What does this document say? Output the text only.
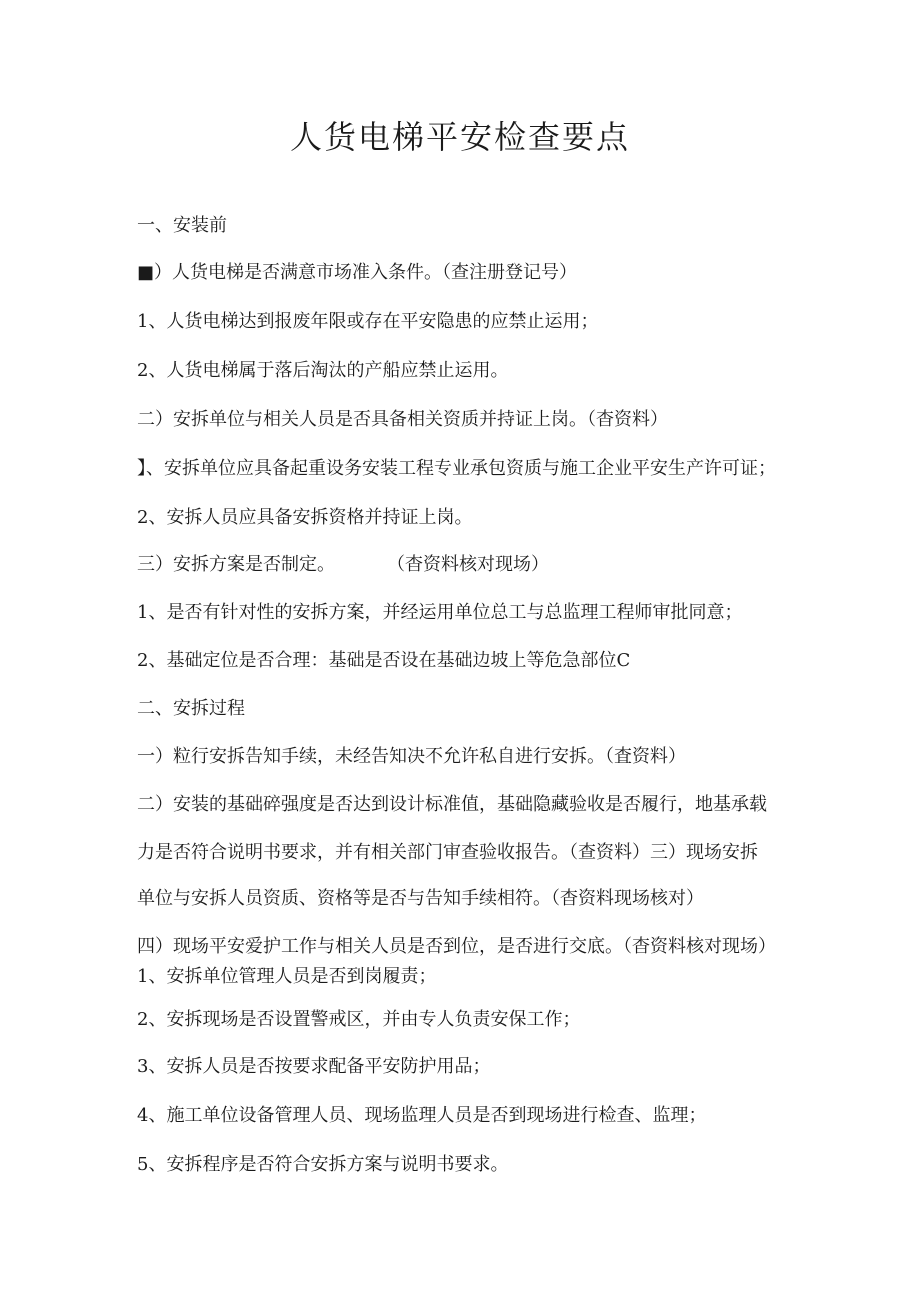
人货电梯平安检查要点

一、安装前

■）人货电梯是否满意市场准入条件。（查注册登记号）

1、人货电梯达到报废年限或存在平安隐患的应禁止运用；

2、人货电梯属于落后淘汰的产船应禁止运用。

二）安拆单位与相关人员是否具备相关资质并持证上岗。（杳资料）

】、安拆单位应具备起重设务安装工程专业承包资质与施工企业平安生产许可证；

2、安拆人员应具备安拆资格并持证上岗。

三）安拆方案是否制定。	（杳资料核对现场）

1、是否有针对性的安拆方案，并经运用单位总工与总监理工程师审批同意；

2、基础定位是否合理：基础是否设在基础边坡上等危急部位C

二、安拆过程

一）粒行安拆告知手续，未经告知决不允许私自进行安拆。（査资料）

二）安装的基础碎强度是否达到设计标准值，基础隐藏验收是否履行，地基承载

力是否符合说明书要求，并有相关部门审查验收报告。（查资料）三）现场安拆

单位与安拆人员资质、资格等是否与告知手续相符。（杳资料现场核对）

四）现场平安爱护工作与相关人员是否到位，是否进行交底。（杳资料核对现场）

1、安拆单位管理人员是否到岗履责；

2、安拆现场是否设置警戒区，并由专人负责安保工作；

3、安拆人员是否按要求配备平安防护用品；

4、施工单位设备管理人员、现场监理人员是否到现场进行检查、监理；

5、安拆程序是否符合安拆方案与说明书要求。
